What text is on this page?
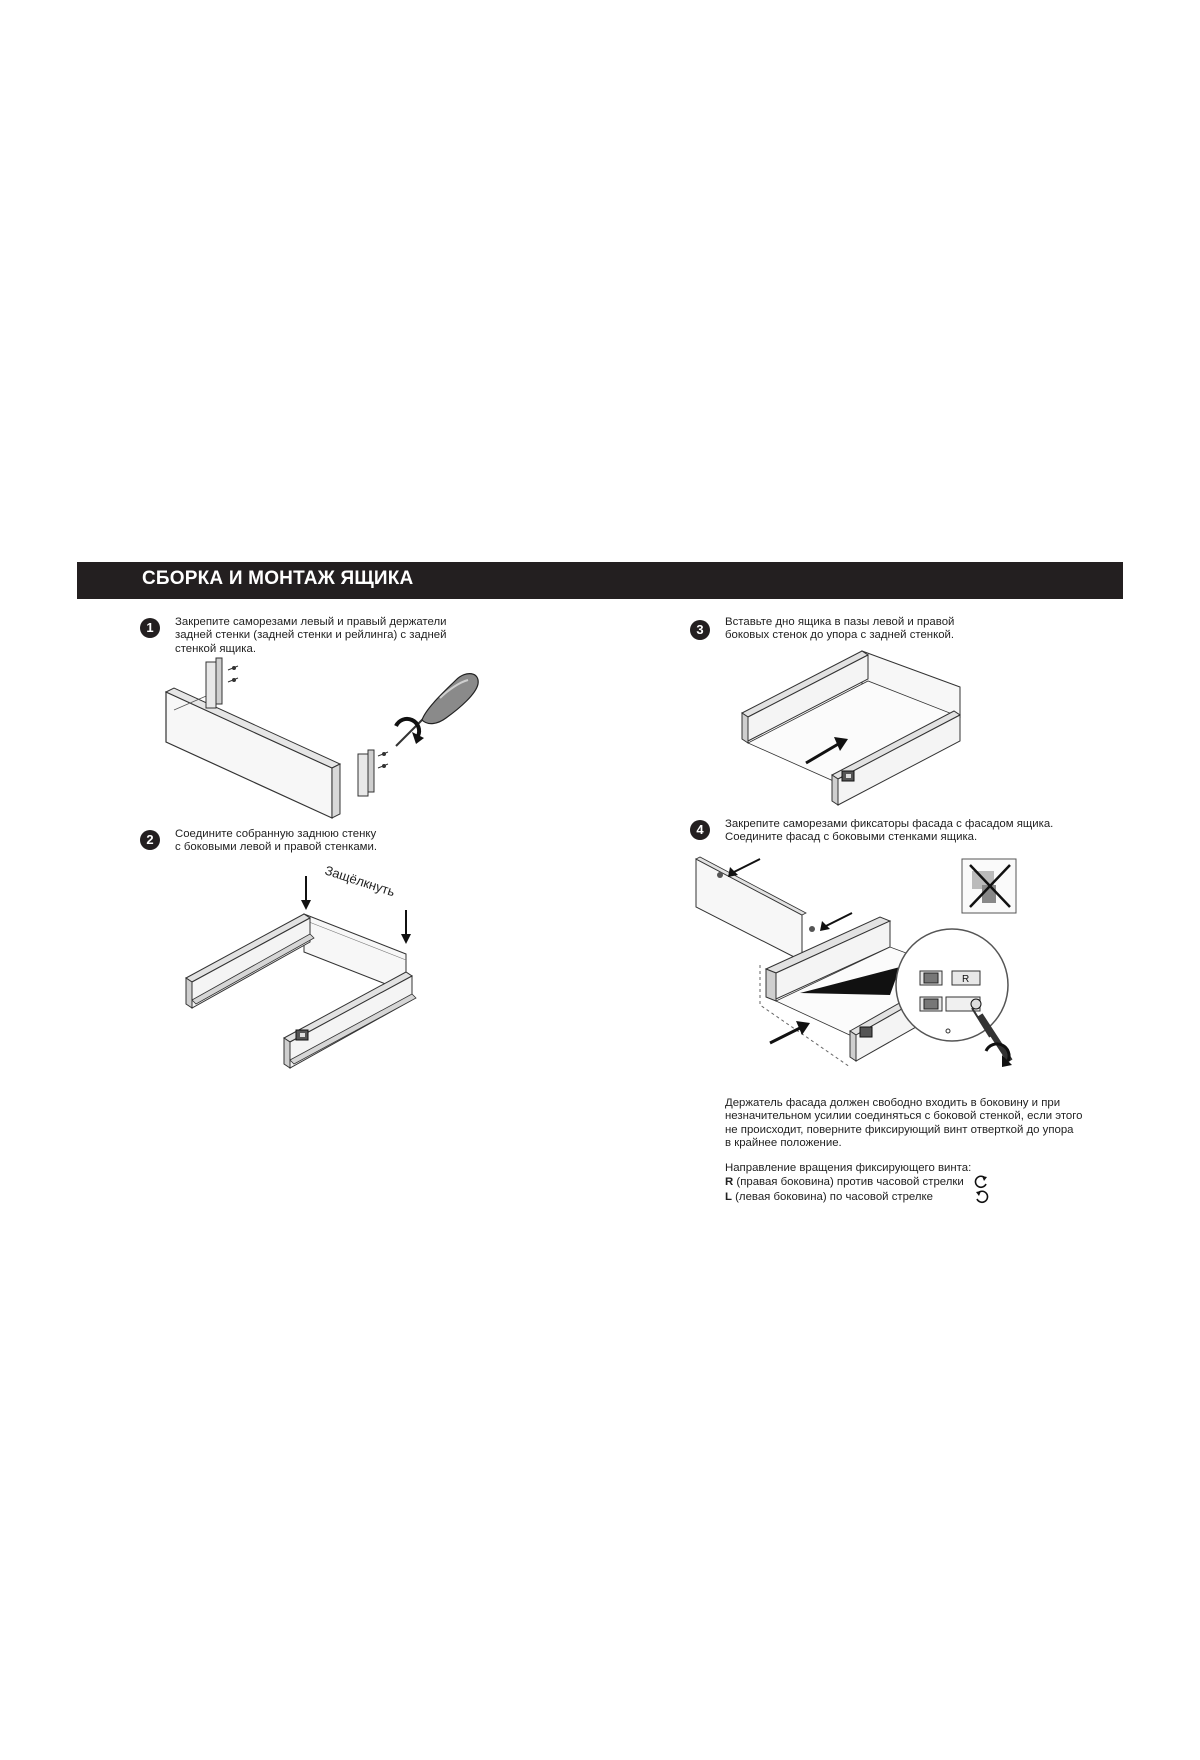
СБОРКА И МОНТАЖ ЯЩИКА
1	Закрепите саморезами левый и правый держатели
задней стенки (задней стенки и рейлинга) с задней
стенкой ящика.
2	Соедините собранную заднюю стенку
с боковыми левой и правой стенками.
Защёлкнуть
3	Вставьте дно ящика в пазы левой и правой
боковых стенок до упора с задней стенкой.
4	Закрепите саморезами фиксаторы фасада с фасадом ящика.
Соедините фасад с боковыми стенками ящика.
R
Держатель фасада должен свободно входить в боковину и при
незначительном усилии соединяться с боковой стенкой, если этого
не происходит, поверните фиксирующий винт отверткой до упора
в крайнее положение.
Направление вращения фиксирующего винта:
R (правая боковина) против часовой стрелки
L (левая боковина) по часовой стрелке
